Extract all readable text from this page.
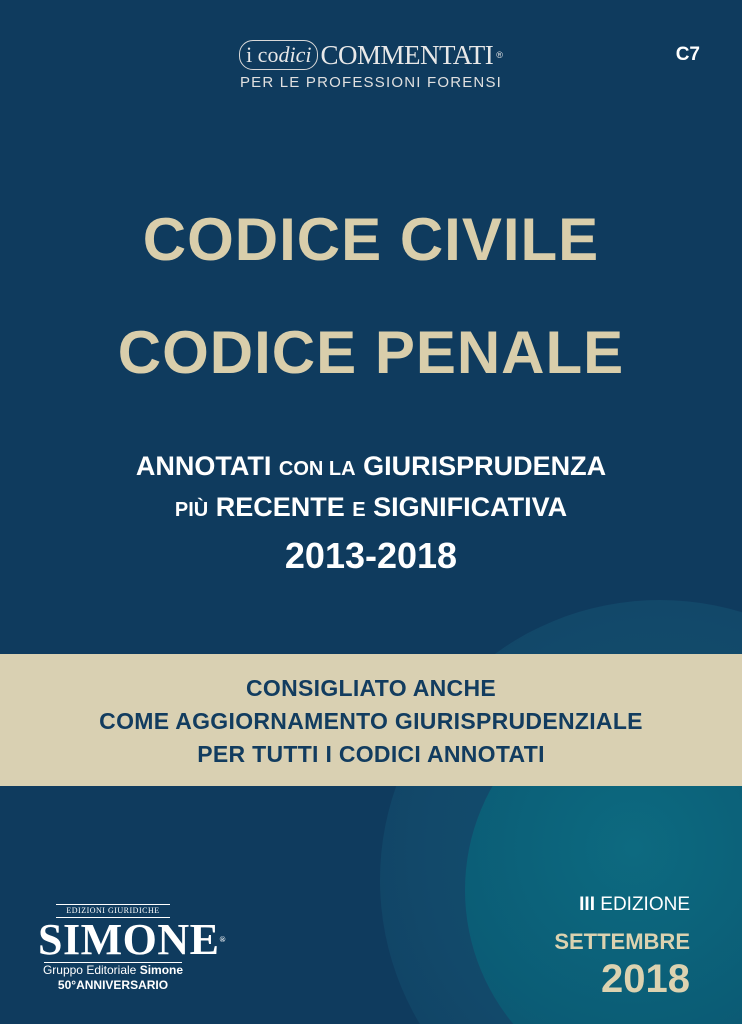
i codici COMMENTATI ®
PER LE PROFESSIONI FORENSI
C7
CODICE CIVILE
CODICE PENALE
ANNOTATI CON LA GIURISPRUDENZA
PIÙ RECENTE E SIGNIFICATIVA
2013-2018
CONSIGLIATO ANCHE
COME AGGIORNAMENTO GIURISPRUDENZIALE
PER TUTTI I CODICI ANNOTATI
III EDIZIONE
SETTEMBRE
2018
EDIZIONI GIURIDICHE
SIMONE®
Gruppo Editoriale Simone
50°ANNIVERSARIO
